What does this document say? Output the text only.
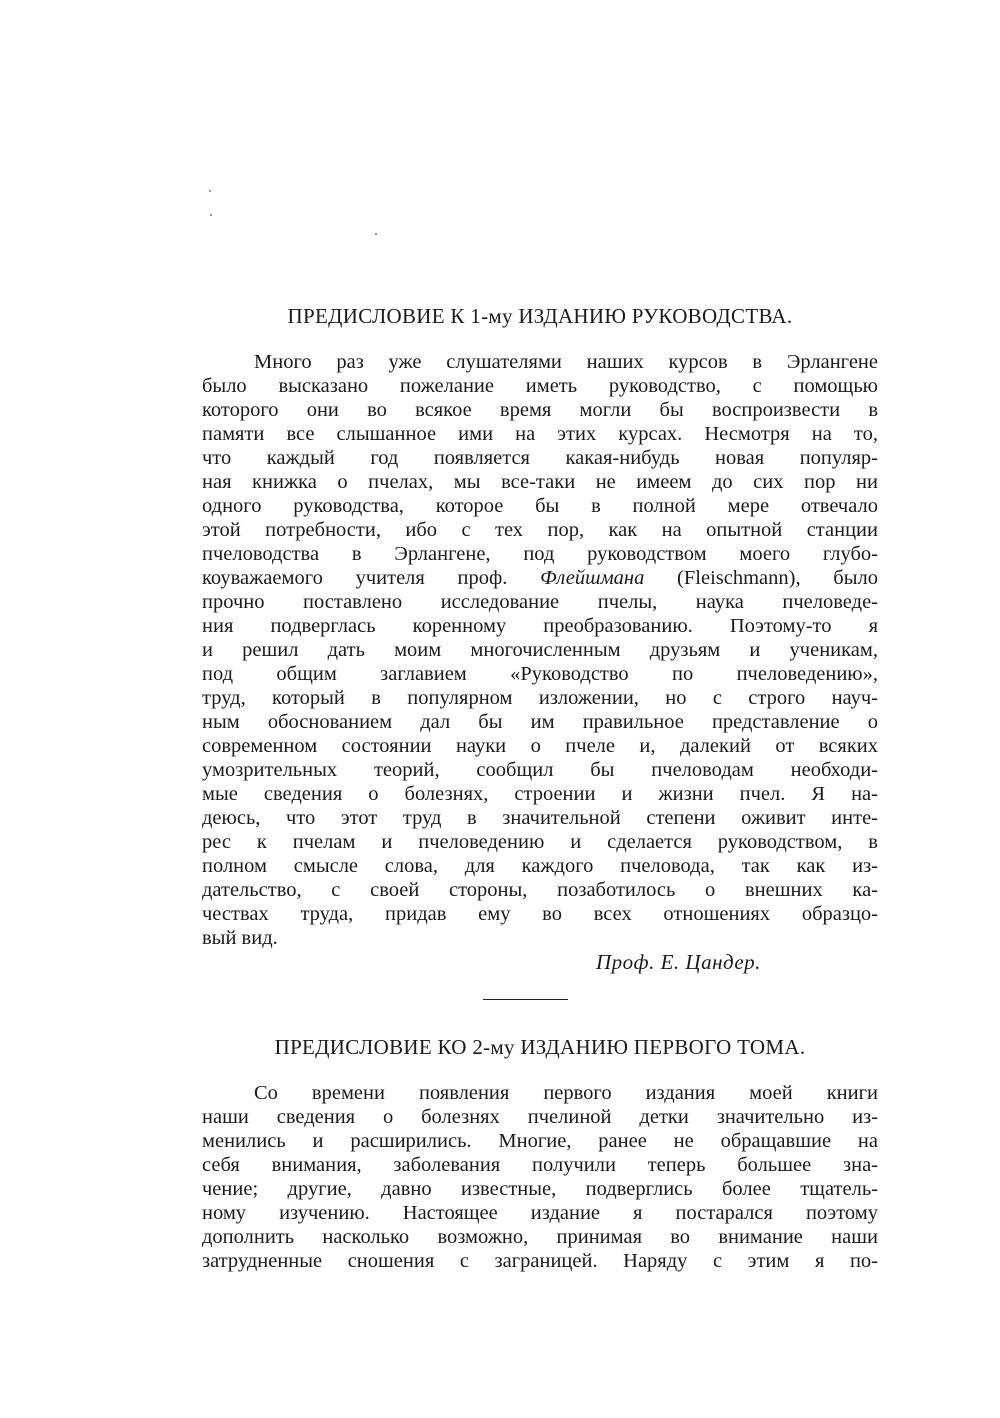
ПРЕДИСЛОВИЕ К 1-му ИЗДАНИЮ РУКОВОДСТВА.
Много раз уже слушателями наших курсов в Эрлангене
было высказано пожелание иметь руководство, с помощью
которого они во всякое время могли бы воспроизвести в
памяти все слышанное ими на этих курсах. Несмотря на то,
что каждый год появляется какая-нибудь новая популяр-
ная книжка о пчелах, мы все-таки не имеем до сих пор ни
одного руководства, которое бы в полной мере отвечало
этой потребности, ибо с тех пор, как на опытной станции
пчеловодства в Эрлангене, под руководством моего глубо-
коуважаемого учителя проф. Флейшмана (Fleischmann), было
прочно поставлено исследование пчелы, наука пчеловеде-
ния подверглась коренному преобразованию. Поэтому-то я
и решил дать моим многочисленным друзьям и ученикам,
под общим заглавием «Руководство по пчеловедению»,
труд, который в популярном изложении, но с строго науч-
ным обоснованием дал бы им правильное представление о
современном состоянии науки о пчеле и, далекий от всяких
умозрительных теорий, сообщил бы пчеловодам необходи-
мые сведения о болезнях, строении и жизни пчел. Я на-
деюсь, что этот труд в значительной степени оживит инте-
рес к пчелам и пчеловедению и сделается руководством, в
полном смысле слова, для каждого пчеловода, так как из-
дательство, с своей стороны, позаботилось о внешних ка-
чествах труда, придав ему во всех отношениях образцо-
вый вид.
Проф. Е. Цандер.
ПРЕДИСЛОВИЕ КО 2-му ИЗДАНИЮ ПЕРВОГО ТОМА.
Со времени появления первого издания моей книги
наши сведения о болезнях пчелиной детки значительно из-
менились и расширились. Многие, ранее не обращавшие на
себя внимания, заболевания получили теперь большее зна-
чение; другие, давно известные, подверглись более тщатель-
ному изучению. Настоящее издание я постарался поэтому
дополнить насколько возможно, принимая во внимание наши
затрудненные сношения с заграницей. Наряду с этим я по-
